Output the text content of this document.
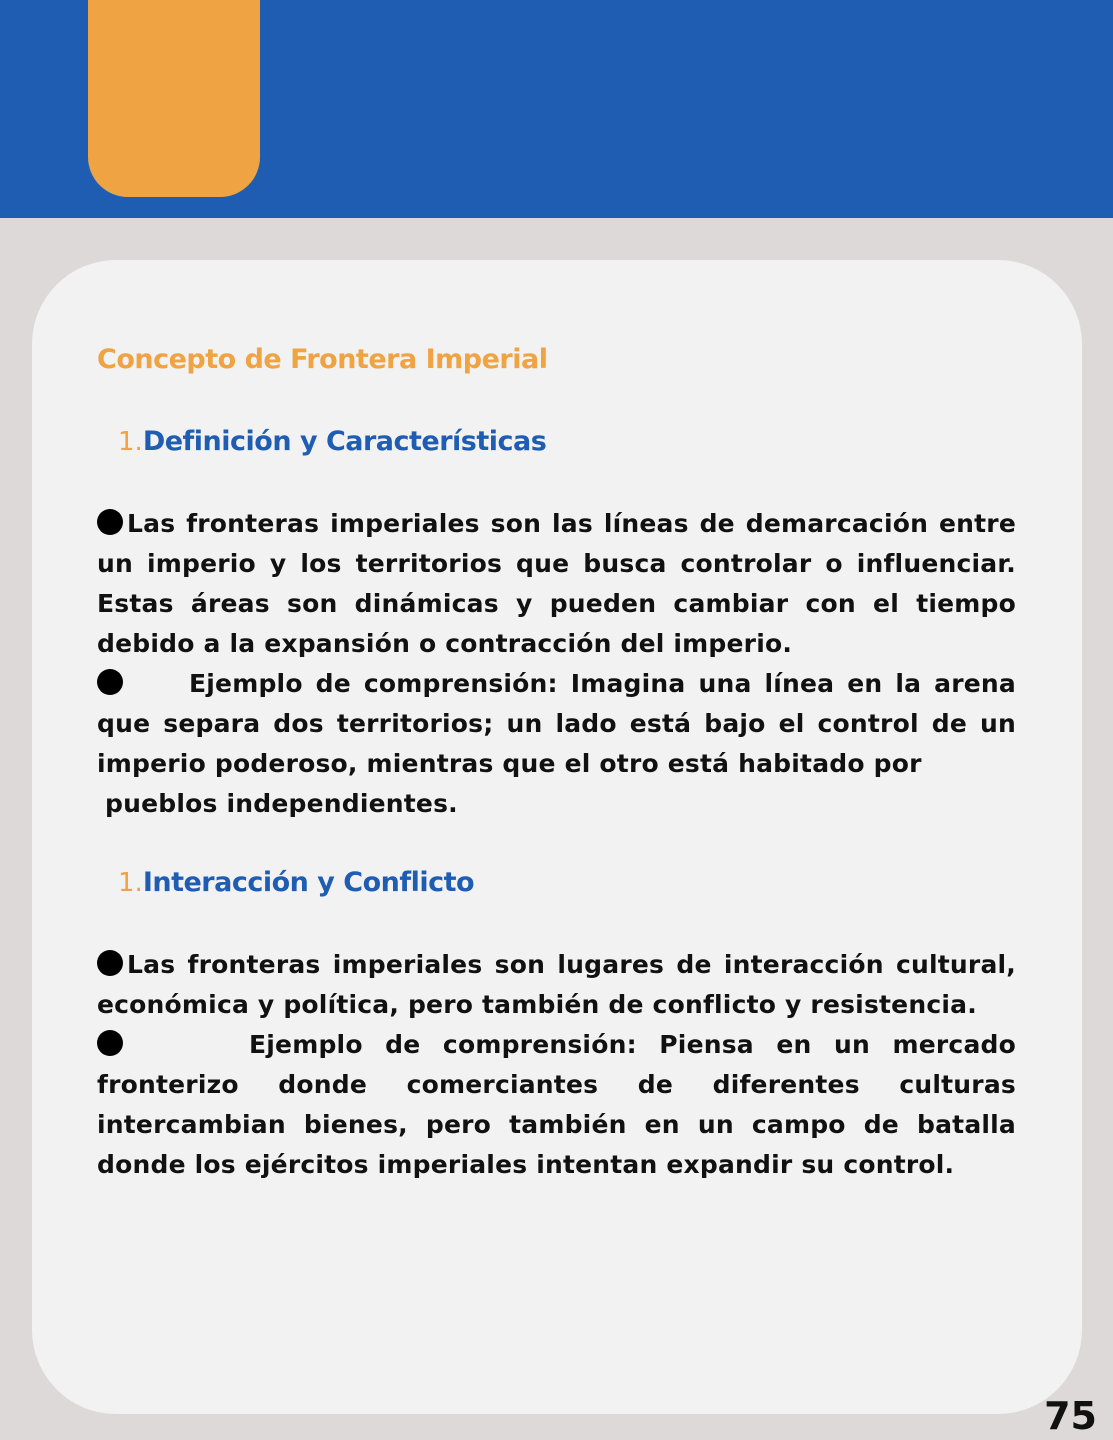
Concepto de Frontera Imperial
1.Definición y Características

Las fronteras imperiales son las líneas de demarcación entre un imperio y los territorios que busca controlar o influenciar. Estas áreas son dinámicas y pueden cambiar con el tiempo debido a la expansión o contracción del imperio.

Ejemplo de comprensión: Imagina una línea en la arena que separa dos territorios; un lado está bajo el control de un imperio poderoso, mientras que el otro está habitado por

pueblos independientes.

1.Interacción y Conflicto

Las fronteras imperiales son lugares de interacción cultural, económica y política, pero también de conflicto y resistencia.

Ejemplo de comprensión: Piensa en un mercado fronterizo donde comerciantes de diferentes culturas intercambian bienes, pero también en un campo de batalla donde los ejércitos imperiales intentan expandir su control.

75
